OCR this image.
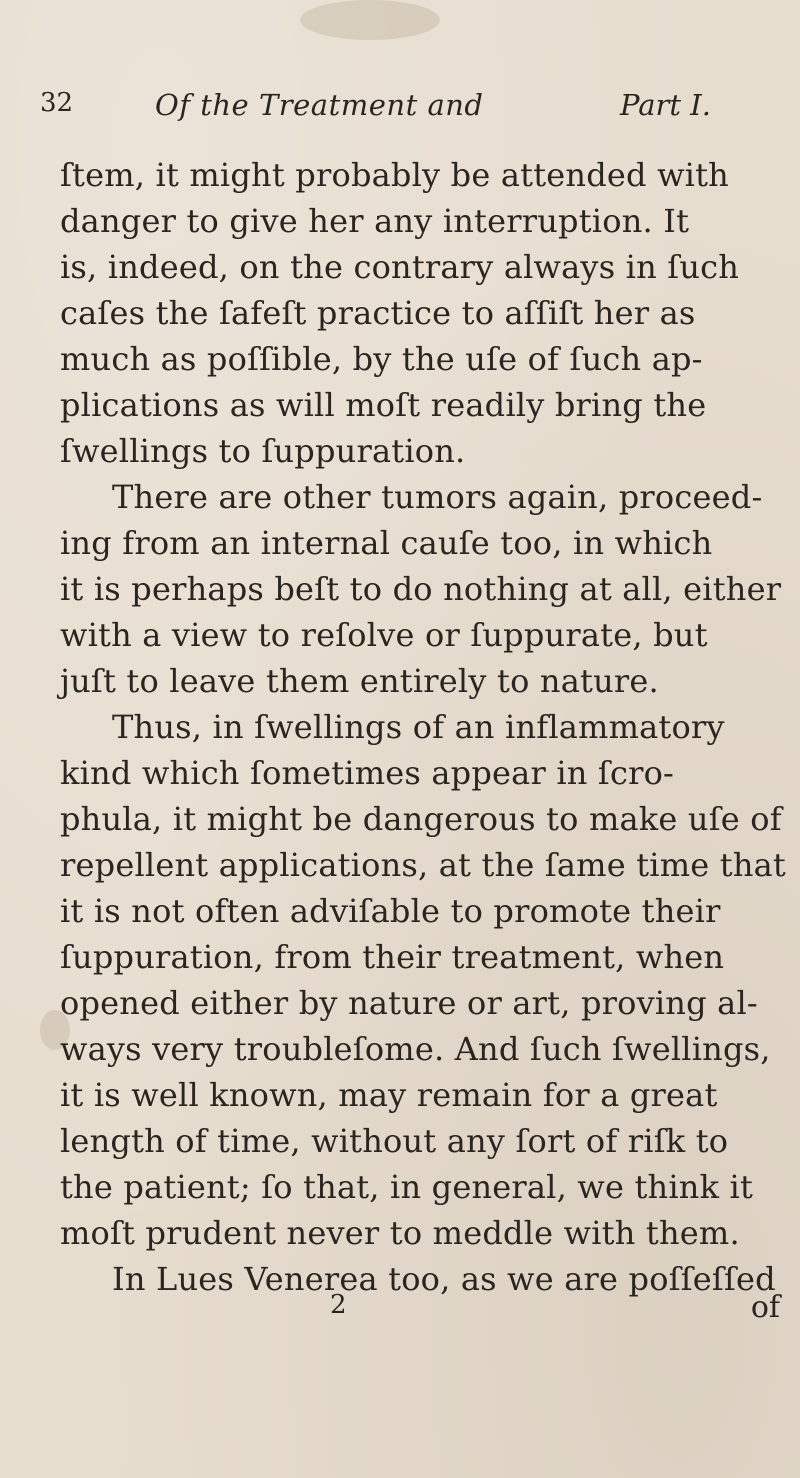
32	Of the Treatment and	Part I.
ſtem, it might probably be attended with
danger to give her any interruption. It
is, indeed, on the contrary always in ſuch
caſes the ſafeſt practice to aſſiſt her as
much as poſſible, by the uſe of ſuch ap-
plications as will moſt readily bring the
ſwellings to ſuppuration.
There are other tumors again, proceed-
ing from an internal cauſe too, in which
it is perhaps beſt to do nothing at all, either
with a view to reſolve or ſuppurate, but
juſt to leave them entirely to nature.
Thus, in ſwellings of an inflammatory
kind which ſometimes appear in ſcro-
phula, it might be dangerous to make uſe of
repellent applications, at the ſame time that
it is not often adviſable to promote their
ſuppuration, from their treatment, when
opened either by nature or art, proving al-
ways very troubleſome. And ſuch ſwellings,
it is well known, may remain for a great
length of time, without any ſort of riſk to
the patient; ſo that, in general, we think it
moſt prudent never to meddle with them.
In Lues Venerea too, as we are poſſeſſed
2	of
